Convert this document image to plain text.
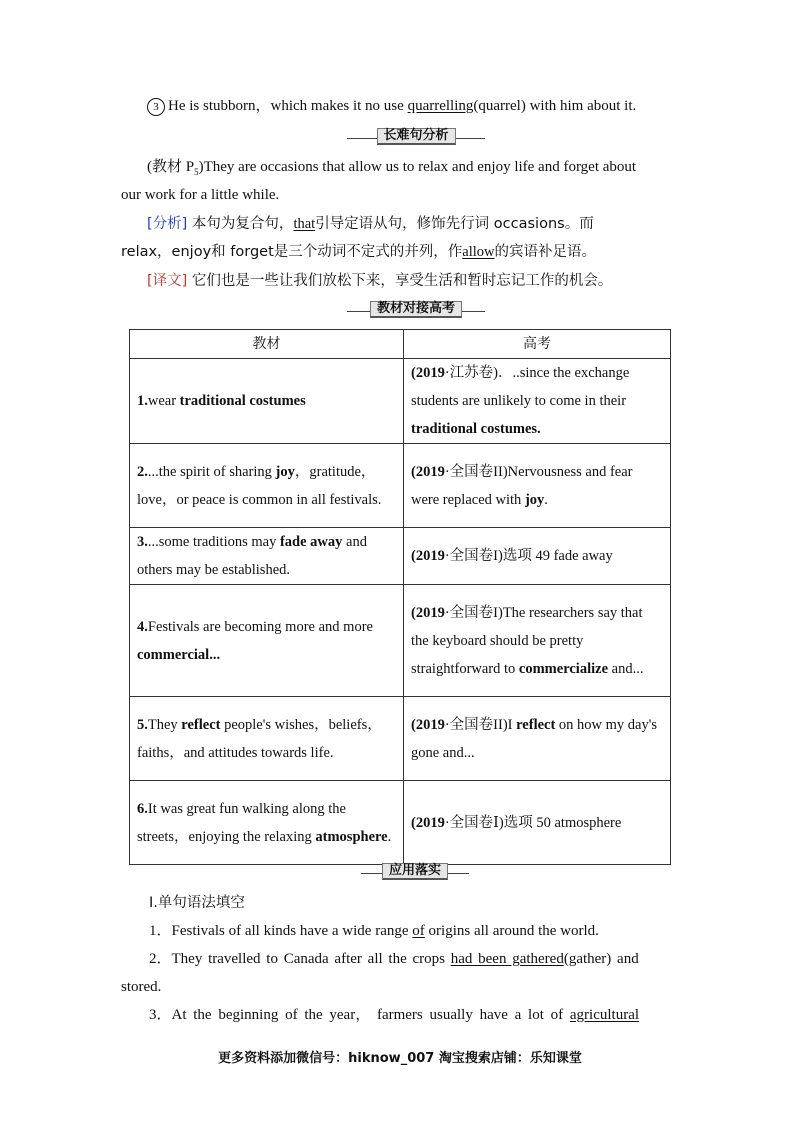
3 He is stubborn，which makes it no use quarrelling(quarrel) with him about it.
长难句分析
(教材 $P_5)They$ are occasions that allow us to relax and enjoy life and forget about
our work for a little while.
[分析] 本句为复合句，that引导定语从句，修饰先行词 occasions。而
relax，enjoy和 forget是三个动词不定式的并列，作allow的宾语补足语。
[译文] 它们也是一些让我们放松下来，享受生活和暂时忘记工作的机会。
教材对接高考
教材	高考
1.wear traditional costumes	(2019·江苏卷)．..since the exchange students are unlikely to come in their traditional costumes.
2....the spirit of sharing joy，gratitude，love，or peace is common in all festivals.	(2019·全国卷II)Nervousness and fear were replaced with joy.
3....some traditions may fade away and others may be established.	(2019·全国卷I)选项 49 fade away
4.Festivals are becoming more and more commercial...	(2019·全国卷I)The researchers say that the keyboard should be pretty straightforward to commercialize and...
5.They reflect people's wishes，beliefs，faiths，and attitudes towards life.	(2019·全国卷II)I reflect on how my day's gone and...
6.It was great fun walking along the streets，enjoying the relaxing atmosphere.	(2019·全国卷Ⅰ)选项 50 atmosphere
应用落实
Ⅰ.单句语法填空
1．Festivals of all kinds have a wide range of origins all around the world.
2．They travelled to Canada after all the crops had been gathered(gather) and
stored.
3．At the beginning of the year， farmers usually have a lot of agricultural
更多资料添加微信号：hiknow_007 淘宝搜索店铺：乐知课堂
